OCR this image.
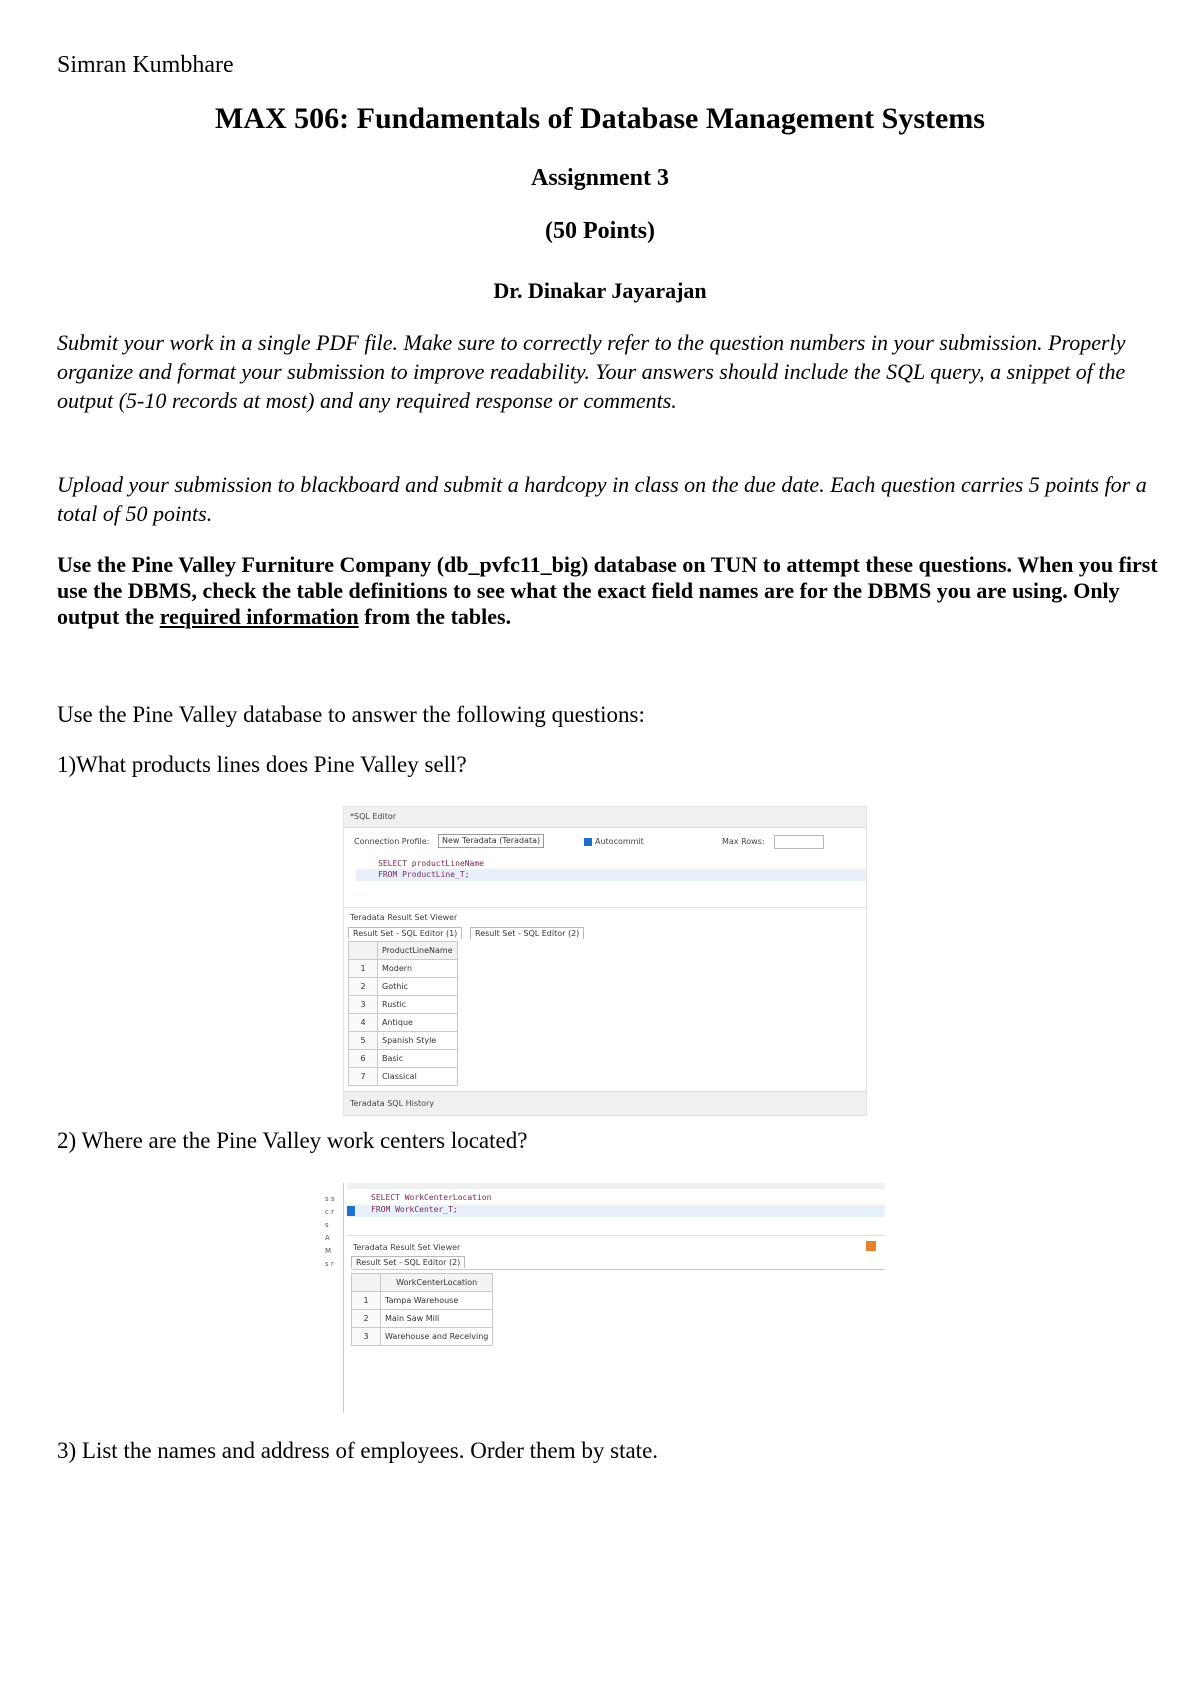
Simran Kumbhare
MAX 506: Fundamentals of Database Management Systems
Assignment 3
(50 Points)
Dr. Dinakar Jayarajan
Submit your work in a single PDF file. Make sure to correctly refer to the question numbers in your submission. Properly organize and format your submission to improve readability. Your answers should include the SQL query, a snippet of the output (5-10 records at most) and any required response or comments.
Upload your submission to blackboard and submit a hardcopy in class on the due date. Each question carries 5 points for a total of 50 points.
Use the Pine Valley Furniture Company (db_pvfc11_big) database on TUN to attempt these questions. When you first use the DBMS, check the table definitions to see what the exact field names are for the DBMS you are using. Only output the required information from the tables.
Use the Pine Valley database to answer the following questions:
1)What products lines does Pine Valley sell?
*SQL Editor
Connection Profile:	New Teradata (Teradata)	Autocommit	Max Rows:
SELECT productLineName
FROM ProductLine_T;
Teradata Result Set Viewer
Result Set - SQL Editor (1)	Result Set - SQL Editor (2)
	ProductLineName
1	Modern
2	Gothic
3	Rustic
4	Antique
5	Spanish Style
6	Basic
7	Classical
Teradata SQL History
2) Where are the Pine Valley work centers located?
s s c r s A M s r
SELECT WorkCenterLocation
FROM WorkCenter_T;
Teradata Result Set Viewer
Result Set - SQL Editor (2)
	WorkCenterLocation
1	Tampa Warehouse
2	Main Saw Mill
3	Warehouse and Receiving
3) List the names and address of employees. Order them by state.
